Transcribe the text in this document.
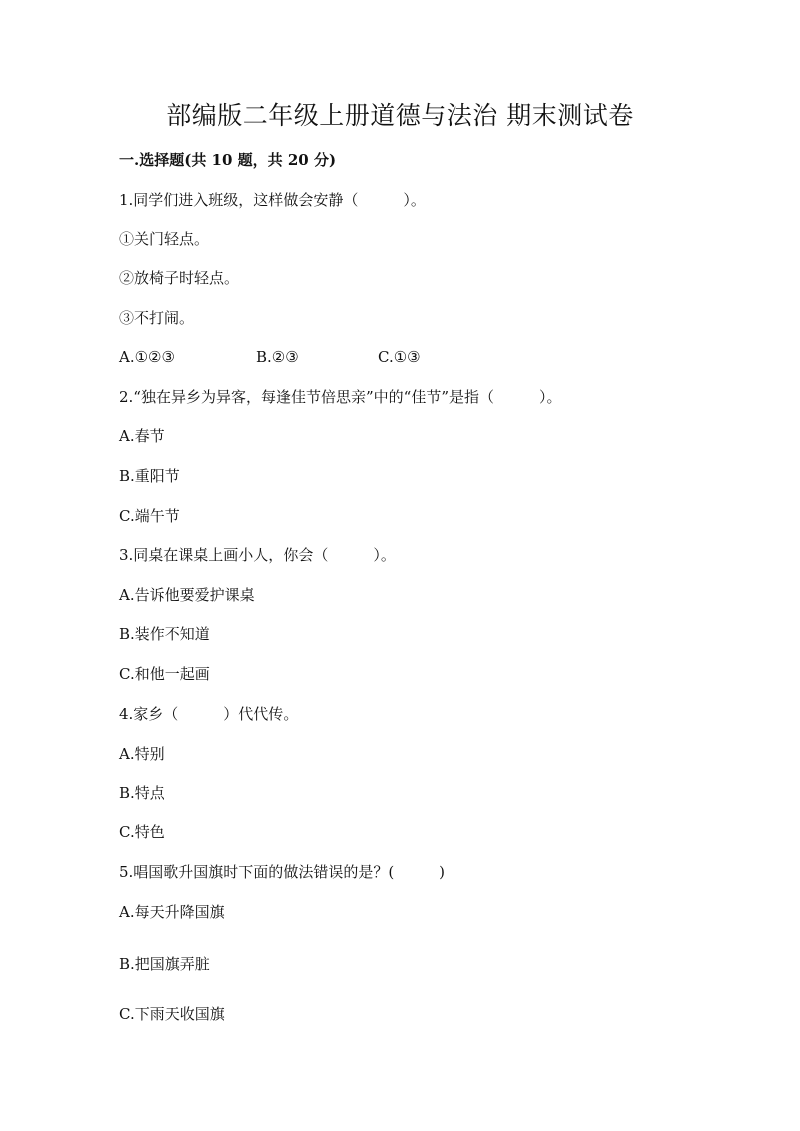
部编版二年级上册道德与法治 期末测试卷
一.选择题(共 10 题，共 20 分)
1.同学们进入班级，这样做会安静（　　　）。
①关门轻点。
②放椅子时轻点。
③不打闹。
A.①②③	B.②③	C.①③
2.“独在异乡为异客，每逢佳节倍思亲”中的“佳节”是指（　　　）。
A.春节
B.重阳节
C.端午节
3.同桌在课桌上画小人，你会（　　　）。
A.告诉他要爱护课桌
B.装作不知道
C.和他一起画
4.家乡（　　　）代代传。
A.特别
B.特点
C.特色
5.唱国歌升国旗时下面的做法错误的是？(　　　)
A.每天升降国旗
B.把国旗弄脏
C.下雨天收国旗
